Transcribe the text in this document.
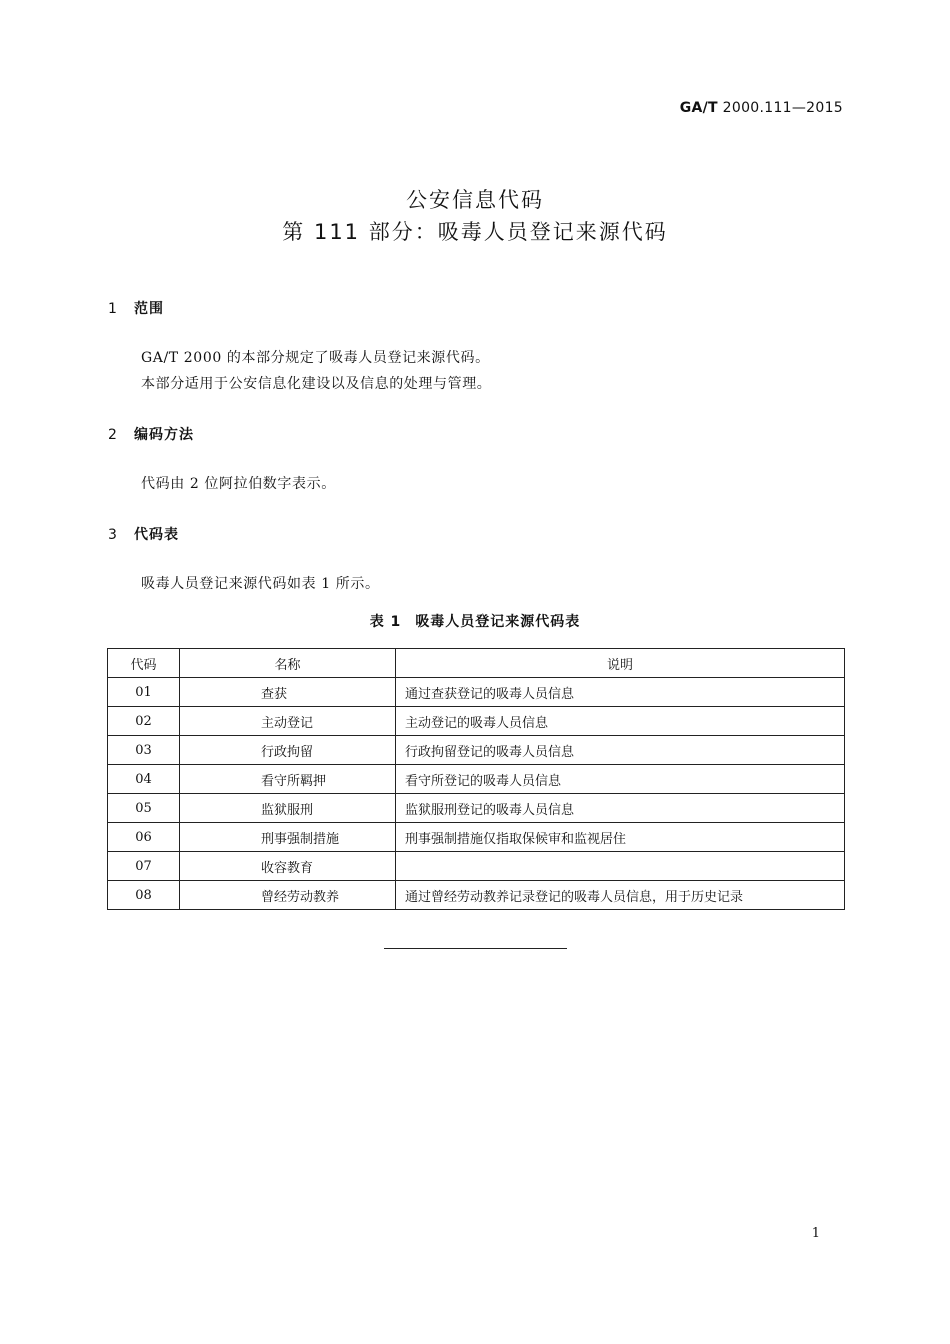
GA/T 2000.111—2015
公安信息代码
第 111 部分：吸毒人员登记来源代码
1 范围
GA/T 2000 的本部分规定了吸毒人员登记来源代码。
本部分适用于公安信息化建设以及信息的处理与管理。
2 编码方法
代码由 2 位阿拉伯数字表示。
3 代码表
吸毒人员登记来源代码如表 1 所示。
表 1 吸毒人员登记来源代码表
代码	名称	说明
01	查获	通过查获登记的吸毒人员信息
02	主动登记	主动登记的吸毒人员信息
03	行政拘留	行政拘留登记的吸毒人员信息
04	看守所羁押	看守所登记的吸毒人员信息
05	监狱服刑	监狱服刑登记的吸毒人员信息
06	刑事强制措施	刑事强制措施仅指取保候审和监视居住
07	收容教育	
08	曾经劳动教养	通过曾经劳动教养记录登记的吸毒人员信息，用于历史记录
1
